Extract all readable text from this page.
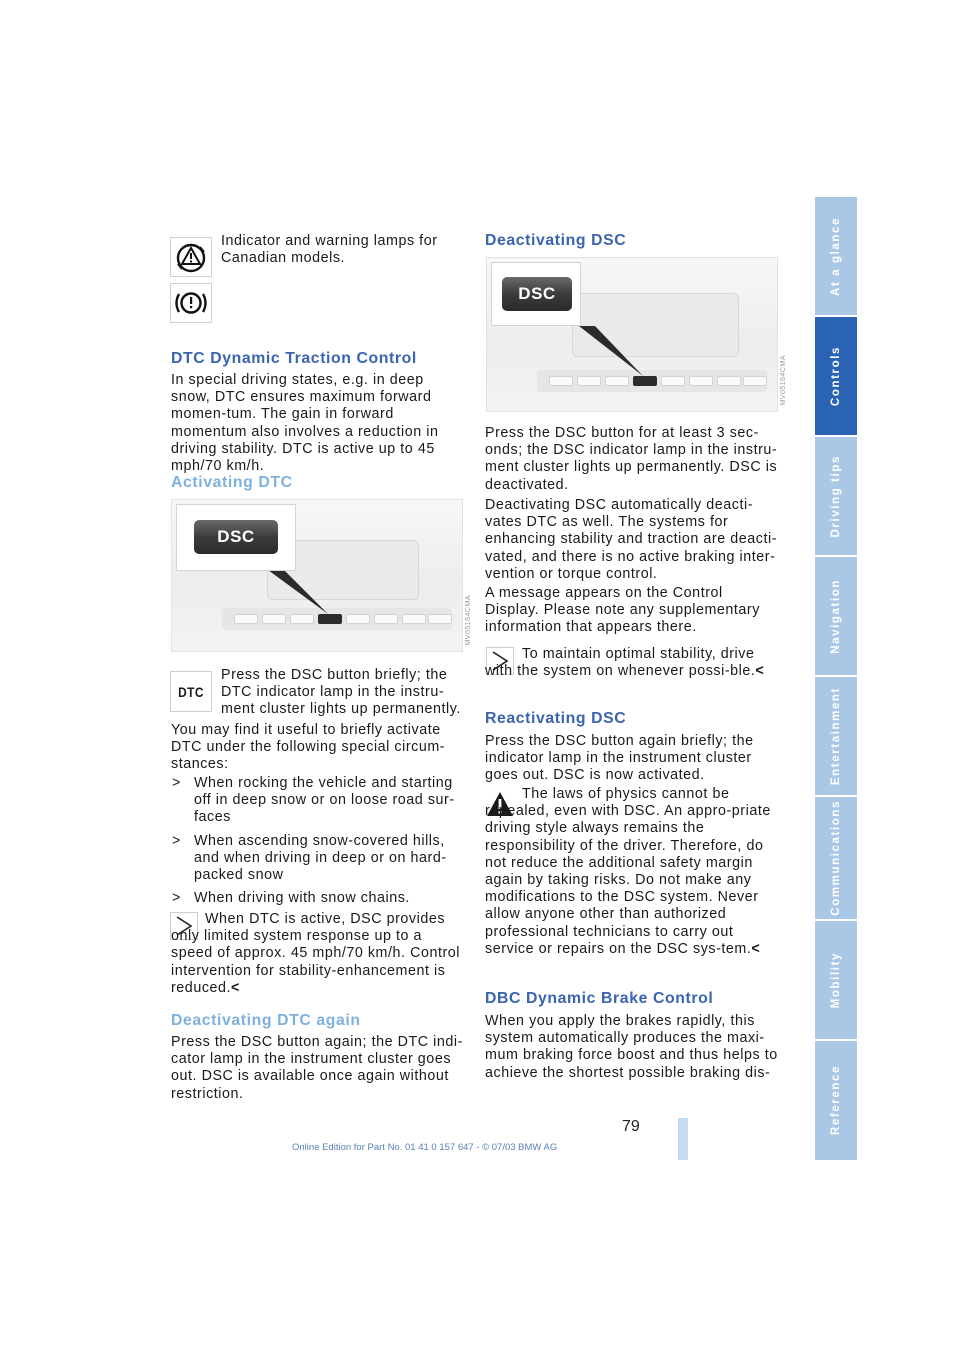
Indicator and warning lamps for Canadian models.
DTC Dynamic Traction Control

In special driving states, e.g. in deep snow, DTC ensures maximum forward momen-tum. The gain in forward momentum also involves a reduction in driving stability. DTC is active up to 45 mph/70 km/h.

Activating DTC
DSC
MV05164CMA
DTC

Press the DSC button briefly; the DTC indicator lamp in the instru-ment cluster lights up permanently.

You may find it useful to briefly activate DTC under the following special circum-stances:

> When rocking the vehicle and starting off in deep snow or on loose road sur-faces

> When ascending snow-covered hills, and when driving in deep or on hard-packed snow

> When driving with snow chains.

When DTC is active, DSC provides only limited system response up to a speed of approx. 45 mph/70 km/h. Control intervention for stability-enhancement is reduced.<

Deactivating DTC again

Press the DSC button again; the DTC indi-cator lamp in the instrument cluster goes out. DSC is available once again without restriction.

Deactivating DSC
DSC
MV05164CMA

Press the DSC button for at least 3 sec-onds; the DSC indicator lamp in the instru-ment cluster lights up permanently. DSC is deactivated.

Deactivating DSC automatically deacti-vates DTC as well. The systems for enhancing stability and traction are deacti-vated, and there is no active braking inter-vention or torque control.

A message appears on the Control Display. Please note any supplementary information that appears there.

To maintain optimal stability, drive with the system on whenever possi-ble.<

Reactivating DSC

Press the DSC button again briefly; the indicator lamp in the instrument cluster goes out. DSC is now activated.

The laws of physics cannot be repealed, even with DSC. An appro-priate driving style always remains the responsibility of the driver. Therefore, do not reduce the additional safety margin again by taking risks. Do not make any modifications to the DSC system. Never allow anyone other than authorized professional technicians to carry out service or repairs on the DSC sys-tem.<

DBC Dynamic Brake Control

When you apply the brakes rapidly, this system automatically produces the maxi-mum braking force boost and thus helps to achieve the shortest possible braking dis-

79
Online Edition for Part No. 01 41 0 157 647 - © 07/03 BMW AG
At a glance
Controls
Driving tips
Navigation
Entertainment
Communications
Mobility
Reference
